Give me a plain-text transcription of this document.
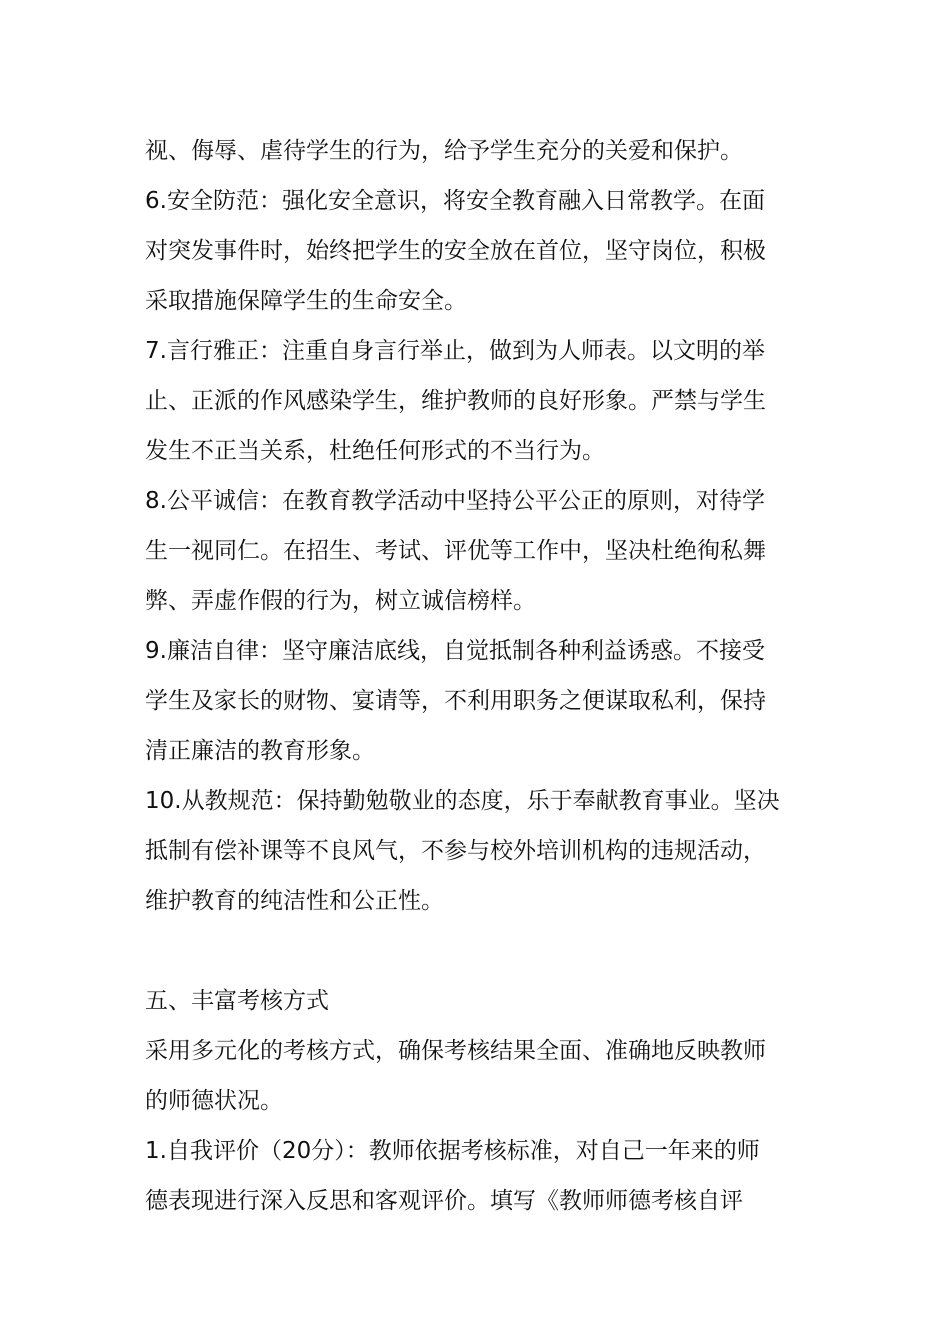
视、侮辱、虐待学生的行为，给予学生充分的关爱和保护。
6.安全防范：强化安全意识，将安全教育融入日常教学。在面
对突发事件时，始终把学生的安全放在首位，坚守岗位，积极
采取措施保障学生的生命安全。
7.言行雅正：注重自身言行举止，做到为人师表。以文明的举
止、正派的作风感染学生，维护教师的良好形象。严禁与学生
发生不正当关系，杜绝任何形式的不当行为。
8.公平诚信：在教育教学活动中坚持公平公正的原则，对待学
生一视同仁。在招生、考试、评优等工作中，坚决杜绝徇私舞
弊、弄虚作假的行为，树立诚信榜样。
9.廉洁自律：坚守廉洁底线，自觉抵制各种利益诱惑。不接受
学生及家长的财物、宴请等，不利用职务之便谋取私利，保持
清正廉洁的教育形象。
10.从教规范：保持勤勉敬业的态度，乐于奉献教育事业。坚决
抵制有偿补课等不良风气，不参与校外培训机构的违规活动，
维护教育的纯洁性和公正性。
五、丰富考核方式
采用多元化的考核方式，确保考核结果全面、准确地反映教师
的师德状况。
1.自我评价（20分）：教师依据考核标准，对自己一年来的师
德表现进行深入反思和客观评价。填写《教师师德考核自评
